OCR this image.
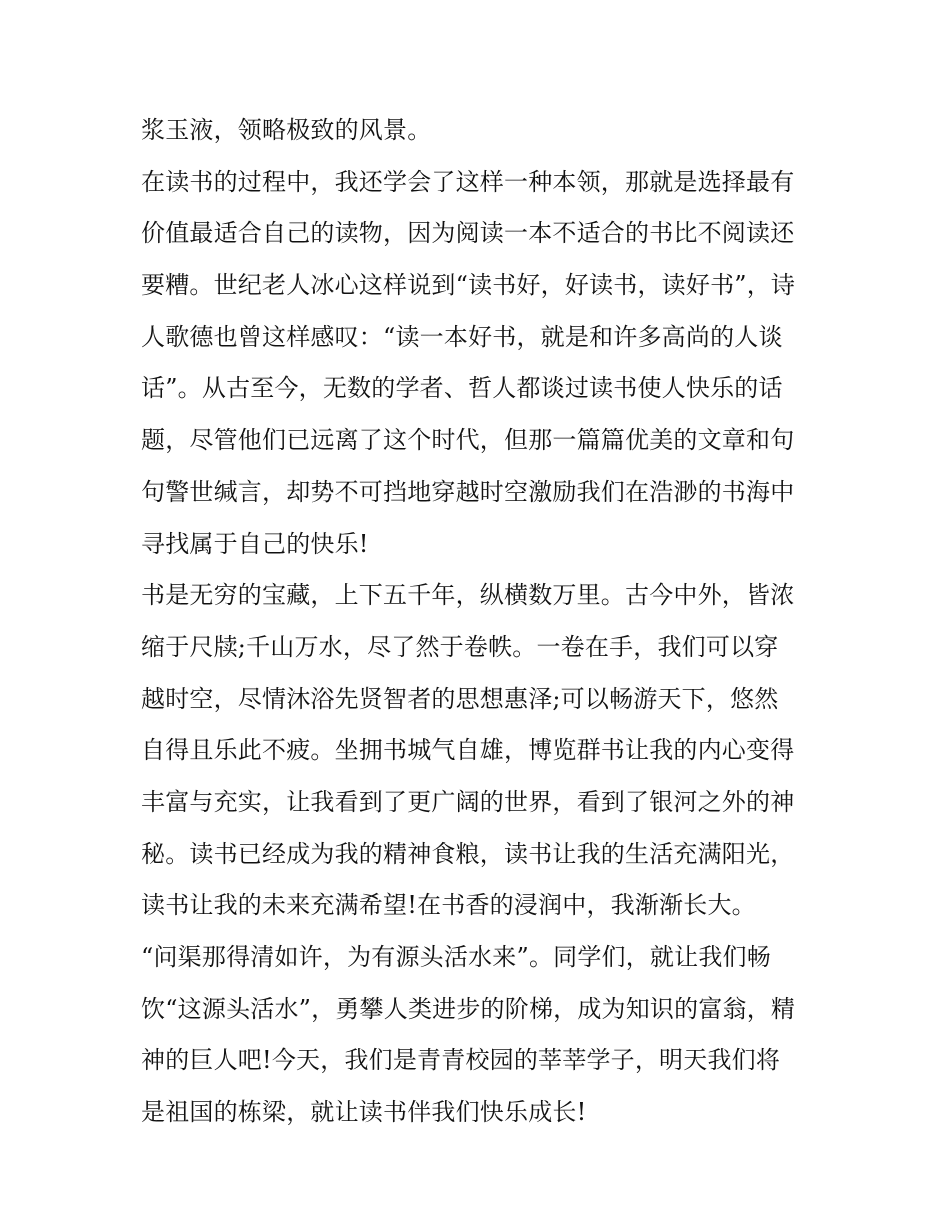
浆玉液，领略极致的风景。
在读书的过程中，我还学会了这样一种本领，那就是选择最有
价值最适合自己的读物，因为阅读一本不适合的书比不阅读还
要糟。世纪老人冰心这样说到“读书好，好读书，读好书”，诗
人歌德也曾这样感叹：“读一本好书，就是和许多高尚的人谈
话”。从古至今，无数的学者、哲人都谈过读书使人快乐的话
题，尽管他们已远离了这个时代，但那一篇篇优美的文章和句
句警世缄言，却势不可挡地穿越时空激励我们在浩渺的书海中
寻找属于自己的快乐!
书是无穷的宝藏，上下五千年，纵横数万里。古今中外，皆浓
缩于尺牍;千山万水，尽了然于卷帙。一卷在手，我们可以穿
越时空，尽情沐浴先贤智者的思想惠泽;可以畅游天下，悠然
自得且乐此不疲。坐拥书城气自雄，博览群书让我的内心变得
丰富与充实，让我看到了更广阔的世界，看到了银河之外的神
秘。读书已经成为我的精神食粮，读书让我的生活充满阳光，
读书让我的未来充满希望!在书香的浸润中，我渐渐长大。
“问渠那得清如许，为有源头活水来”。同学们，就让我们畅
饮“这源头活水”，勇攀人类进步的阶梯，成为知识的富翁，精
神的巨人吧!今天，我们是青青校园的莘莘学子，明天我们将
是祖国的栋梁，就让读书伴我们快乐成长!
